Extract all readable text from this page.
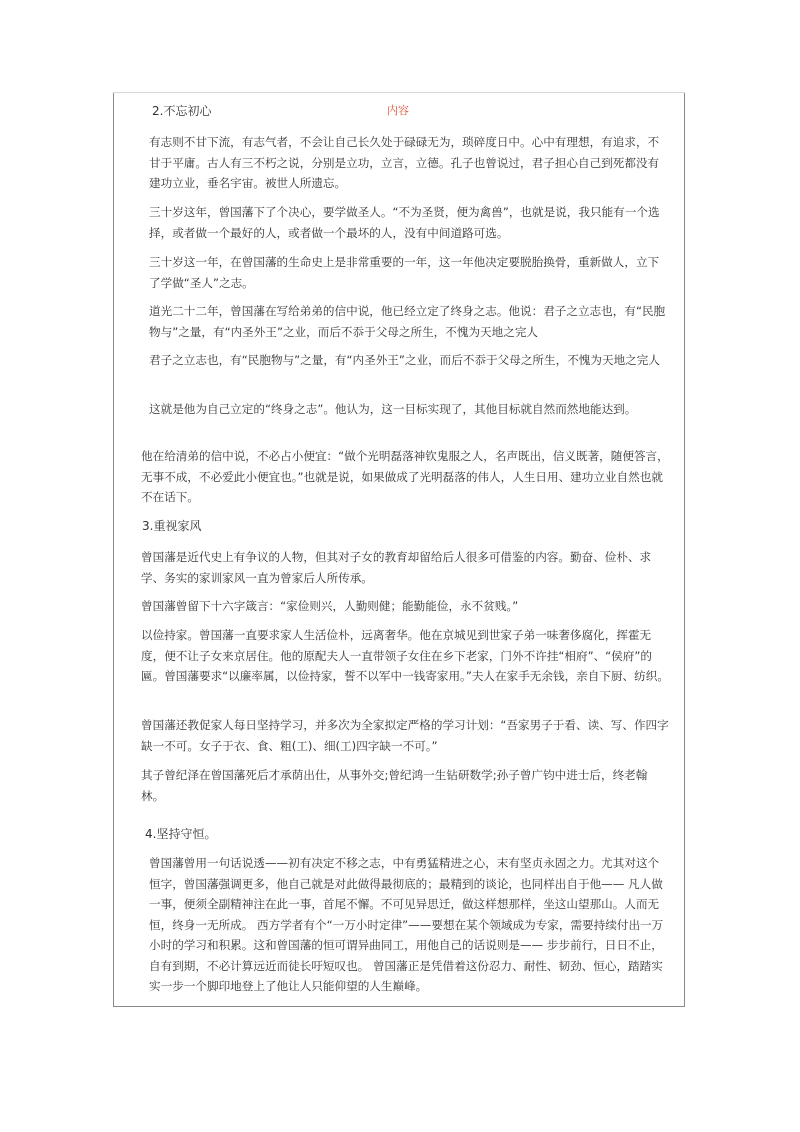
2.不忘初心	内容

有志则不甘下流，有志气者，不会让自己长久处于碌碌无为，琐碎度日中。心中有理想，有追求，不甘于平庸。古人有三不朽之说，分别是立功，立言，立德。孔子也曾说过，君子担心自己到死都没有建功立业，垂名宇宙。被世人所遗忘。

三十岁这年，曾国藩下了个决心，要学做圣人。“不为圣贤，便为禽兽”，也就是说，我只能有一个选择，或者做一个最好的人，或者做一个最坏的人，没有中间道路可选。

三十岁这一年，在曾国藩的生命史上是非常重要的一年，这一年他决定要脱胎换骨，重新做人，立下了学做“圣人”之志。

道光二十二年，曾国藩在写给弟弟的信中说，他已经立定了终身之志。他说：君子之立志也，有“民胞物与”之量，有“内圣外王”之业，而后不忝于父母之所生，不愧为天地之完人

君子之立志也，有“民胞物与”之量，有“内圣外王”之业，而后不忝于父母之所生，不愧为天地之完人

这就是他为自己立定的“终身之志”。他认为，这一目标实现了，其他目标就自然而然地能达到。

他在给清弟的信中说，不必占小便宜：“做个光明磊落神钦鬼服之人，名声既出，信义既著，随便答言，无事不成，不必爱此小便宜也。”也就是说，如果做成了光明磊落的伟人，人生日用、建功立业自然也就不在话下。

3.重视家风

曾国藩是近代史上有争议的人物，但其对子女的教育却留给后人很多可借鉴的内容。勤奋、俭朴、求学、务实的家训家风一直为曾家后人所传承。

曾国藩曾留下十六字箴言：“家俭则兴，人勤则健；能勤能俭，永不贫贱。”

以俭持家。曾国藩一直要求家人生活俭朴，远离奢华。他在京城见到世家子弟一味奢侈腐化，挥霍无度，便不让子女来京居住。他的原配夫人一直带领子女住在乡下老家，门外不许挂“相府”、“侯府”的匾。曾国藩要求“以廉率属，以俭持家，誓不以军中一钱寄家用。”夫人在家手无余钱，亲自下厨、纺织。

曾国藩还教促家人每日坚持学习，并多次为全家拟定严格的学习计划：“吾家男子于看、读、写、作四字缺一不可。女子于衣、食、粗(工)、细(工)四字缺一不可。”

其子曾纪泽在曾国藩死后才承荫出仕，从事外交;曾纪鸿一生钻研数学;孙子曾广钧中进士后，终老翰林。

4.坚持守恒。

曾国藩曾用一句话说透——初有决定不移之志，中有勇猛精进之心，末有坚贞永固之力。尤其对这个恒字，曾国藩强调更多，他自己就是对此做得最彻底的；最精到的谈论，也同样出自于他—— 凡人做一事，便须全副精神注在此一事，首尾不懈。不可见异思迁，做这样想那样，坐这山望那山。人而无恒，终身一无所成。 西方学者有个“一万小时定律”——要想在某个领域成为专家，需要持续付出一万小时的学习和积累。这和曾国藩的恒可谓异曲同工，用他自己的话说则是—— 步步前行，日日不止，自有到期，不必计算远近而徒长吁短叹也。 曾国藩正是凭借着这份忍力、耐性、韧劲、恒心，踏踏实实一步一个脚印地登上了他让人只能仰望的人生巅峰。
